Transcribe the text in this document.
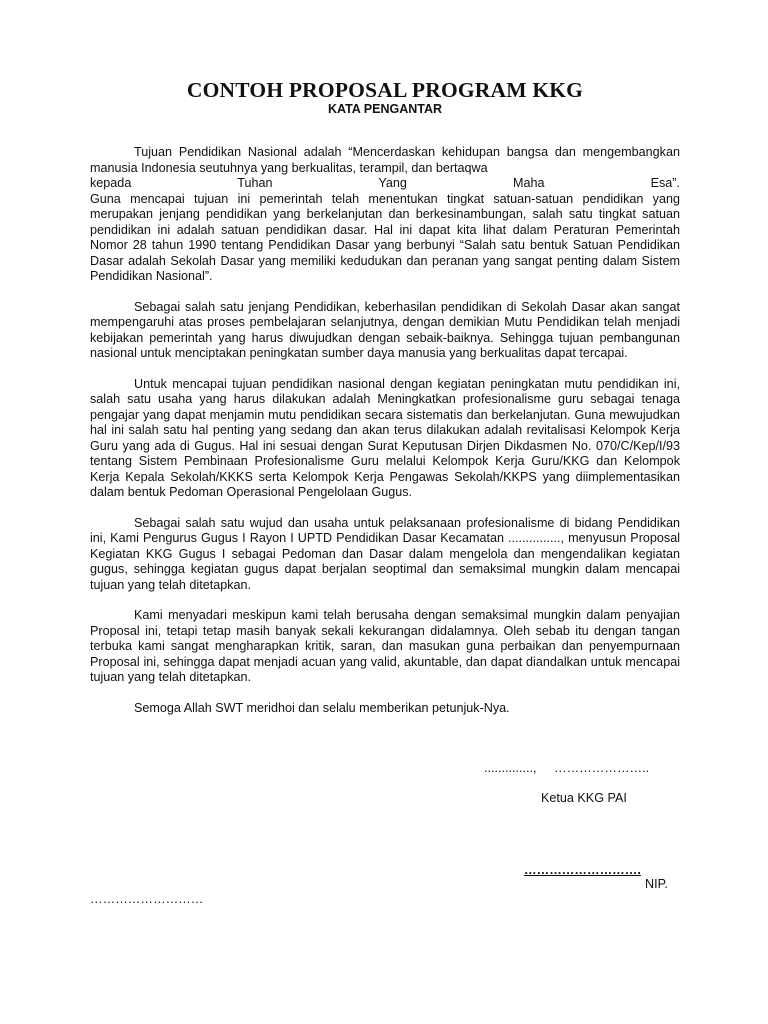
CONTOH PROPOSAL PROGRAM KKG

KATA PENGANTAR

Tujuan Pendidikan Nasional adalah “Mencerdaskan kehidupan bangsa dan mengembangkan manusia Indonesia seutuhnya yang berkualitas, terampil, dan bertaqwa

kepada Tuhan Yang Maha Esa”.

Guna mencapai tujuan ini pemerintah telah menentukan tingkat satuan-satuan pendidikan yang merupakan jenjang pendidikan yang berkelanjutan dan berkesinambungan, salah satu tingkat satuan pendidikan ini adalah satuan pendidikan dasar. Hal ini dapat kita lihat dalam Peraturan Pemerintah Nomor 28 tahun 1990 tentang Pendidikan Dasar yang berbunyi “Salah satu bentuk Satuan Pendidikan Dasar adalah Sekolah Dasar yang memiliki kedudukan dan peranan yang sangat penting dalam Sistem Pendidikan Nasional”.

Sebagai salah satu jenjang Pendidikan, keberhasilan pendidikan di Sekolah Dasar akan sangat mempengaruhi atas proses pembelajaran selanjutnya, dengan demikian Mutu Pendidikan telah menjadi kebijakan pemerintah yang harus diwujudkan dengan sebaik-baiknya. Sehingga tujuan pembangunan nasional untuk menciptakan peningkatan sumber daya manusia yang berkualitas dapat tercapai.

Untuk mencapai tujuan pendidikan nasional dengan kegiatan peningkatan mutu pendidikan ini, salah satu usaha yang harus dilakukan adalah Meningkatkan profesionalisme guru sebagai tenaga pengajar yang dapat menjamin mutu pendidikan secara sistematis dan berkelanjutan. Guna mewujudkan hal ini salah satu hal penting yang sedang dan akan terus dilakukan adalah revitalisasi Kelompok Kerja Guru yang ada di Gugus. Hal ini sesuai dengan Surat Keputusan Dirjen Dikdasmen No. 070/C/Kep/I/93 tentang Sistem Pembinaan Profesionalisme Guru melalui Kelompok Kerja Guru/KKG dan Kelompok Kerja Kepala Sekolah/KKKS serta Kelompok Kerja Pengawas Sekolah/KKPS yang diimplementasikan dalam bentuk Pedoman Operasional Pengelolaan Gugus.

Sebagai salah satu wujud dan usaha untuk pelaksanaan profesionalisme di bidang Pendidikan ini, Kami Pengurus Gugus I Rayon I UPTD Pendidikan Dasar Kecamatan ..............., menyusun Proposal Kegiatan KKG Gugus I sebagai Pedoman dan Dasar dalam mengelola dan mengendalikan kegiatan gugus, sehingga kegiatan gugus dapat berjalan seoptimal dan semaksimal mungkin dalam mencapai tujuan yang telah ditetapkan.

Kami menyadari meskipun kami telah berusaha dengan semaksimal mungkin dalam penyajian Proposal ini, tetapi tetap masih banyak sekali kekurangan didalamnya. Oleh sebab itu dengan tangan terbuka kami sangat mengharapkan kritik, saran, dan masukan guna perbaikan dan penyempurnaan Proposal ini, sehingga dapat menjadi acuan yang valid, akuntable, dan dapat diandalkan untuk mencapai tujuan yang telah ditetapkan.

Semoga Allah SWT meridhoi dan selalu memberikan petunjuk-Nya.

..............,     …………………..
Ketua KKG PAI
……………………….
NIP.
………………………
